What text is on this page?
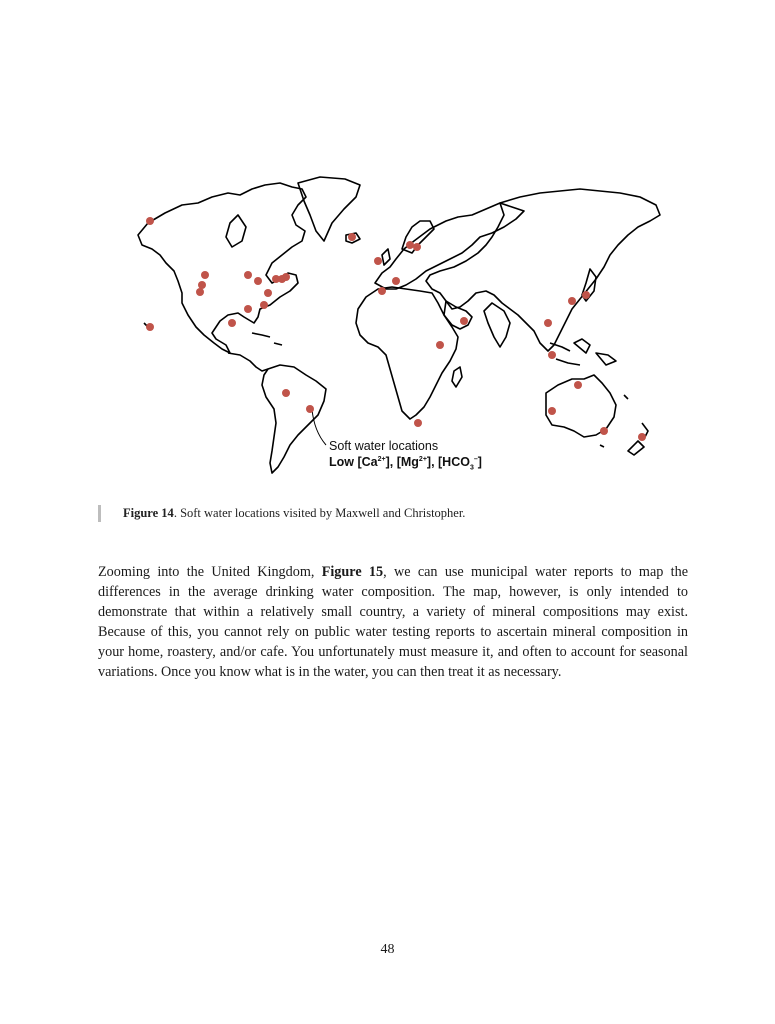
Soft water locations
Low $[Ca^{2+}]$, $[Mg^{2+}]$, $[HCO_3^-]$
Figure 14. Soft water locations visited by Maxwell and Christopher.
Zooming into the United Kingdom, Figure 15, we can use municipal water reports to map the differences in the average drinking water composition. The map, however, is only intended to demonstrate that within a relatively small country, a variety of mineral compositions may exist. Because of this, you cannot rely on public water testing reports to ascertain mineral composition in your home, roastery, and/or cafe. You unfortunately must measure it, and often to account for seasonal variations. Once you know what is in the water, you can then treat it as necessary.
48
